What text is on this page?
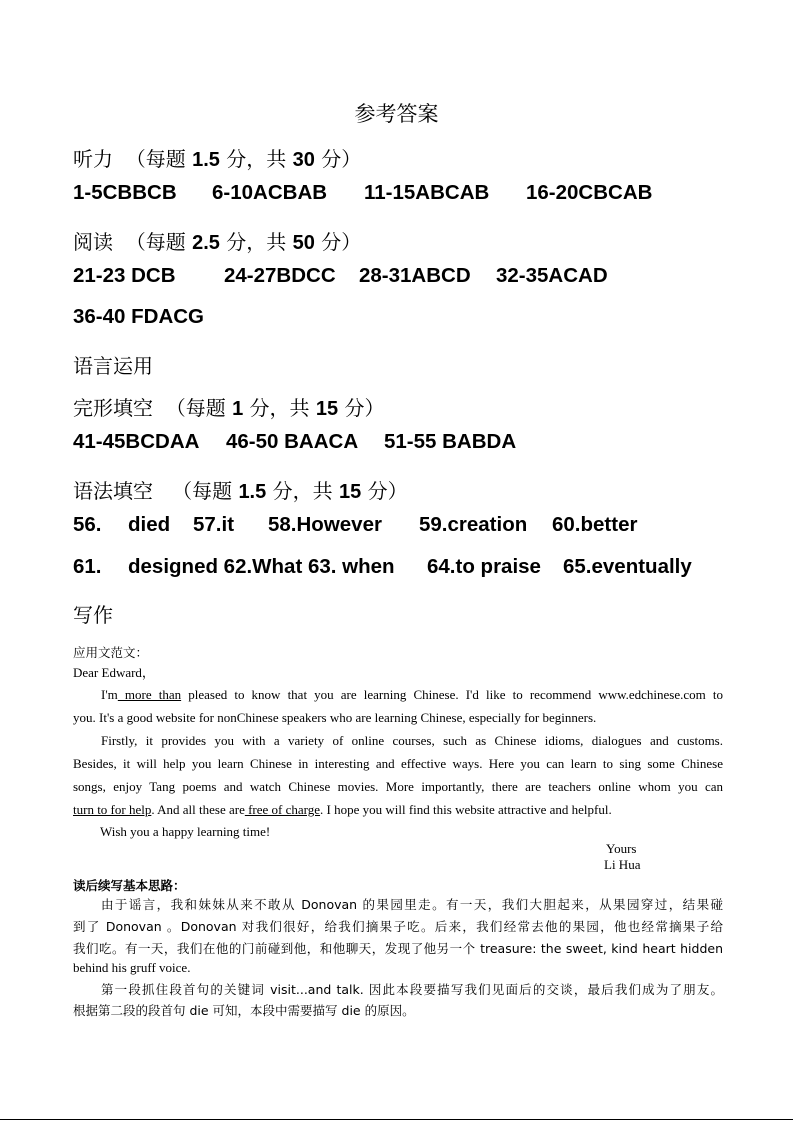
参考答案
听力 （每题 1.5 分，共 30 分）
1-5CBBCB 6-10ACBAB 11-15ABCAB 16-20CBCAB
阅读 （每题 2.5 分，共 50 分）
21-23 DCB 24-27BDCC 28-31ABCD 32-35ACAD
36-40 FDACG
语言运用
完形填空 （每题 1 分，共 15 分）
41-45BCDAA 46-50 BAACA 51-55 BABDA
语法填空 （每题 1.5 分，共 15 分）
56. died 57.it 58.However 59.creation 60.better
61. designed 62.What 63. when 64.to praise 65.eventually
写作
应用文范文：
Dear Edward，
I'm more than pleased to know that you are learning Chinese. I'd like to recommend www.edchinese.com to
you. It's a good website for nonChinese speakers who are learning Chinese, especially for beginners.
Firstly, it provides you with a variety of online courses, such as Chinese idioms, dialogues and customs.
Besides, it will help you learn Chinese in interesting and effective ways. Here you can learn to sing some Chinese
songs, enjoy Tang poems and watch Chinese movies. More importantly, there are teachers online whom you can
turn to for help. And all these are free of charge. I hope you will find this website attractive and helpful.
Wish you a happy learning time!
Yours
Li Hua
读后续写基本思路：
由于谣言，我和妹妹从来不敢从 Donovan 的果园里走。有一天，我们大胆起来，从果园穿过，结果碰
到了 Donovan 。Donovan 对我们很好，给我们摘果子吃。后来，我们经常去他的果园，他也经常摘果子给
我们吃。有一天，我们在他的门前碰到他，和他聊天，发现了他另一个 treasure: the sweet, kind heart hidden
behind his gruff voice.
第一段抓住段首句的关键词 visit...and talk. 因此本段要描写我们见面后的交谈，最后我们成为了朋友。
根据第二段的段首句 die 可知，本段中需要描写 die 的原因。
